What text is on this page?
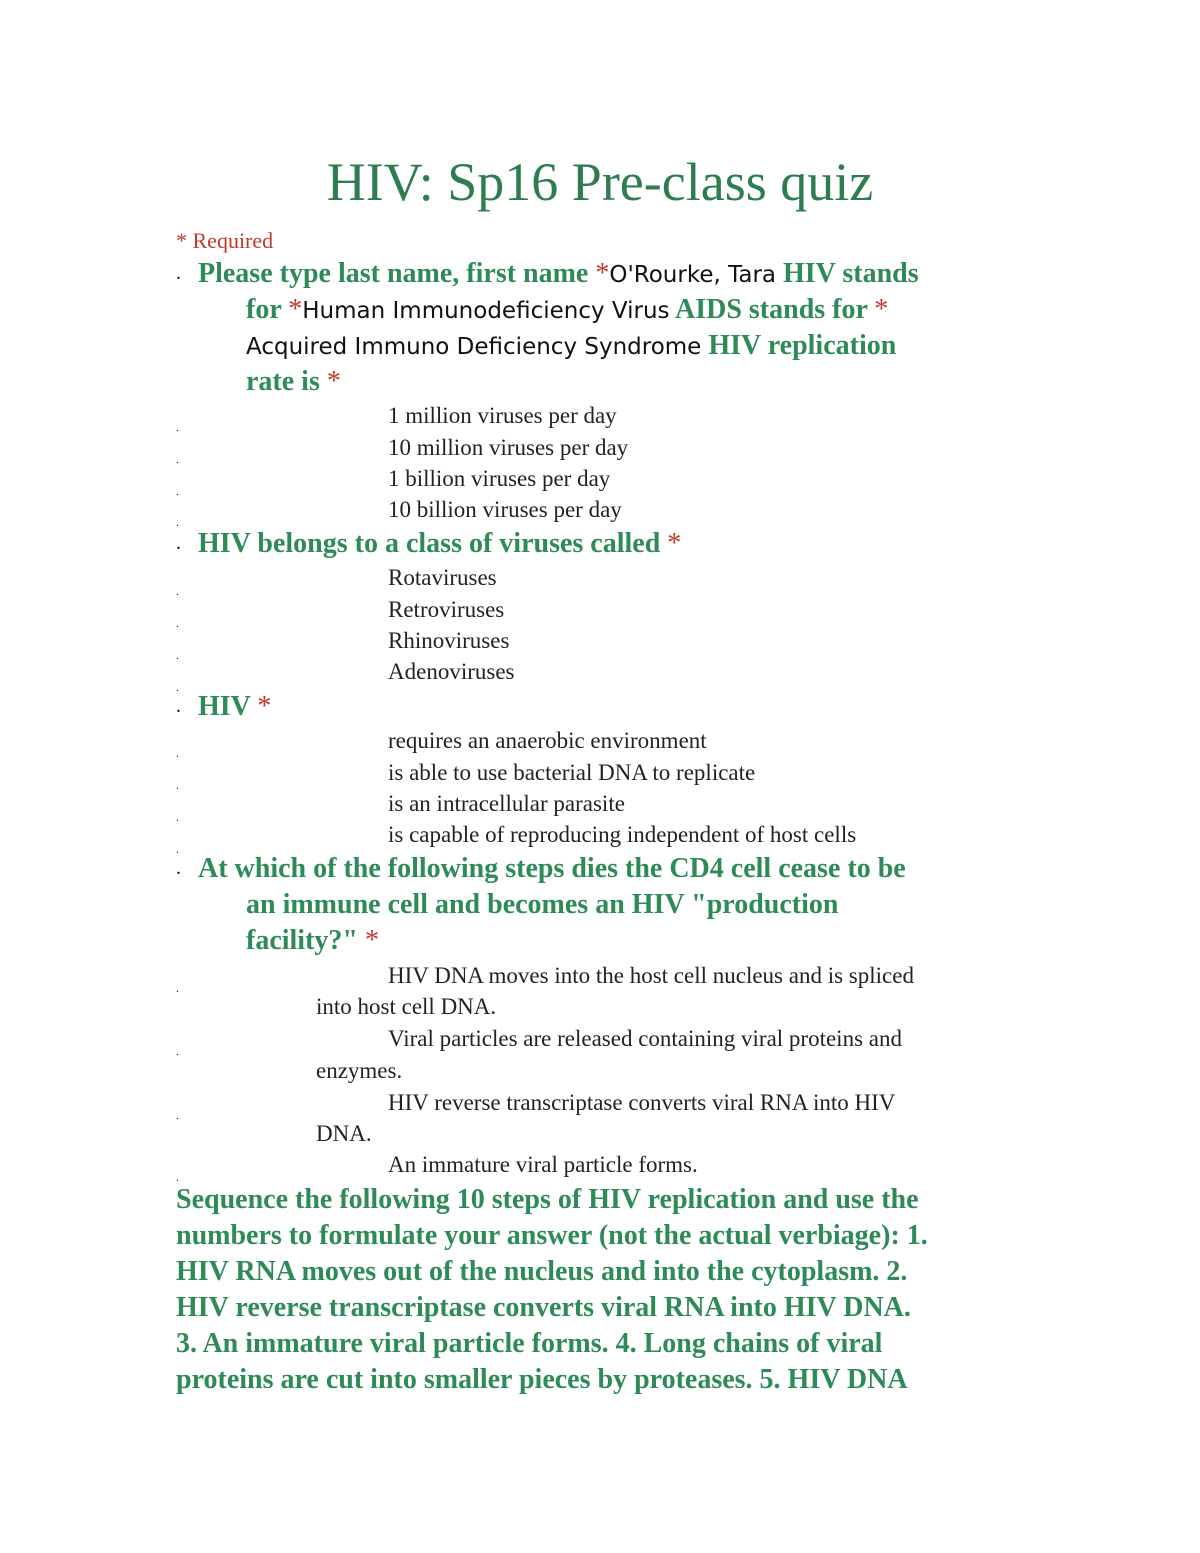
HIV: Sp16 Pre-class quiz
* Required
. Please type last name, first name *O'Rourke, Tara HIV stands
for *Human Immunodeficiency Virus AIDS stands for *
Acquired Immuno Deficiency Syndrome HIV replication
rate is *
.	1 million viruses per day
.	10 million viruses per day
.	1 billion viruses per day
.	10 billion viruses per day
. HIV belongs to a class of viruses called *
.
Rotaviruses
.
Retroviruses
.
Rhinoviruses
.
Adenoviruses
. HIV *
.	requires an anaerobic environment
.	is able to use bacterial DNA to replicate
.
is an intracellular parasite
.
is capable of reproducing independent of host cells
. At which of the following steps dies the CD4 cell cease to be
an immune cell and becomes an HIV "production
facility?" *
.	HIV DNA moves into the host cell nucleus and is spliced
into host cell DNA.
.	Viral particles are released containing viral proteins and
enzymes.
.	HIV reverse transcriptase converts viral RNA into HIV
DNA.
.	An immature viral particle forms.
Sequence the following 10 steps of HIV replication and use the
numbers to formulate your answer (not the actual verbiage): 1.
HIV RNA moves out of the nucleus and into the cytoplasm. 2.
HIV reverse transcriptase converts viral RNA into HIV DNA.
3. An immature viral particle forms. 4. Long chains of viral
proteins are cut into smaller pieces by proteases. 5. HIV DNA
